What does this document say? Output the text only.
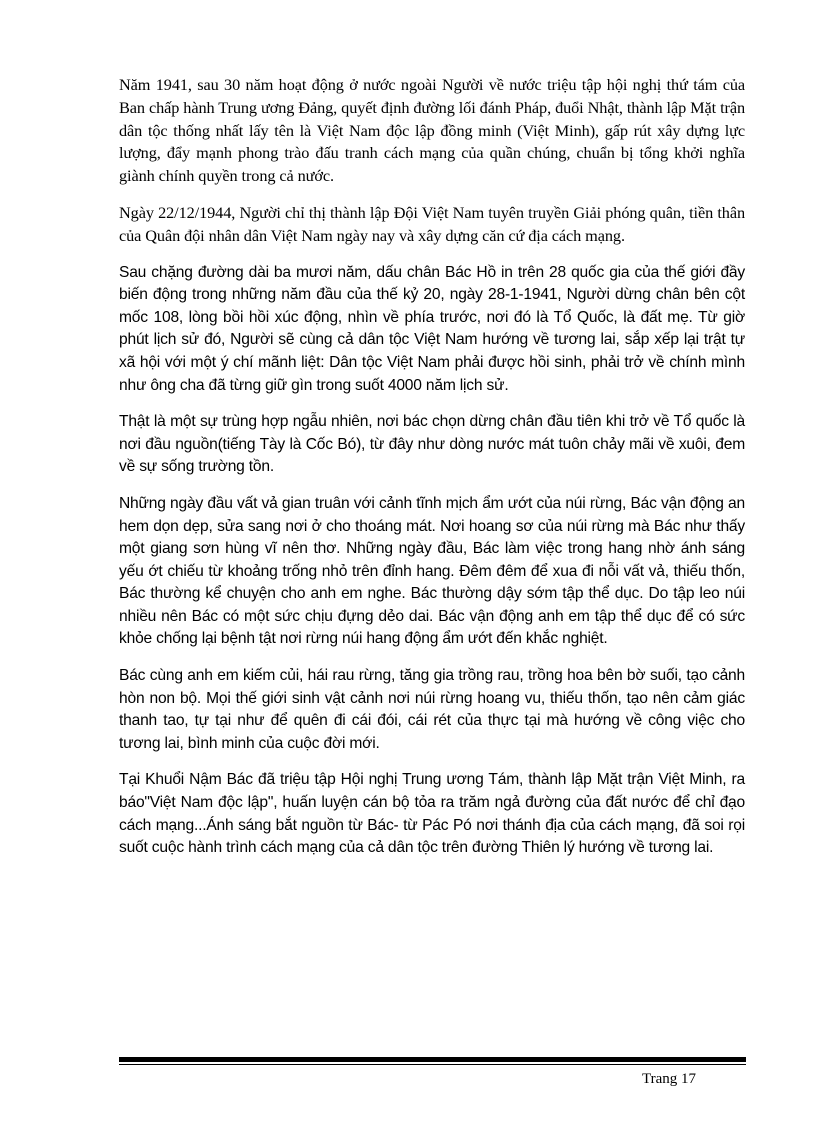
Năm 1941, sau 30 năm hoạt động ở nước ngoài Người về nước triệu tập hội nghị thứ tám của Ban chấp hành Trung ương Đảng, quyết định đường lối đánh Pháp, đuổi Nhật, thành lập Mặt trận dân tộc thống nhất lấy tên là Việt Nam độc lập đồng minh (Việt Minh), gấp rút xây dựng lực lượng, đẩy mạnh phong trào đấu tranh cách mạng của quần chúng, chuẩn bị tổng khởi nghĩa giành chính quyền trong cả nước.

Ngày 22/12/1944, Người chỉ thị thành lập Đội Việt Nam tuyên truyền Giải phóng quân, tiền thân của Quân đội nhân dân Việt Nam ngày nay và xây dựng căn cứ địa cách mạng.

Sau chặng đường dài ba mươi năm, dấu chân Bác Hồ in trên 28 quốc gia của thế giới đầy biến động trong những năm đầu của thế kỷ 20, ngày 28-1-1941, Người dừng chân bên cột mốc 108, lòng bồi hồi xúc động, nhìn về phía trước, nơi đó là Tổ Quốc, là đất mẹ. Từ giờ phút lịch sử đó, Người sẽ cùng cả dân tộc Việt Nam hướng về tương lai, sắp xếp lại trật tự xã hội với một ý chí mãnh liệt: Dân tộc Việt Nam phải được hồi sinh, phải trở về chính mình như ông cha đã từng giữ gìn trong suốt 4000 năm lịch sử.

Thật là một sự trùng hợp ngẫu nhiên, nơi bác chọn dừng chân đầu tiên khi trở về Tổ quốc là nơi đầu nguồn(tiếng Tày là Cốc Bó), từ đây như dòng nước mát tuôn chảy mãi về xuôi, đem về sự sống trường tồn.

Những ngày đầu vất vả gian truân với cảnh tĩnh mịch ẩm ướt của núi rừng, Bác vận động an hem dọn dẹp, sửa sang nơi ở cho thoáng mát. Nơi hoang sơ của núi rừng mà Bác như thấy một giang sơn hùng vĩ nên thơ. Những ngày đầu, Bác làm việc trong hang nhờ ánh sáng yếu ớt chiếu từ khoảng trống nhỏ trên đỉnh hang. Đêm đêm để xua đi nỗi vất vả, thiếu thốn, Bác thường kể chuyện cho anh em nghe. Bác thường dậy sớm tập thể dục. Do tập leo núi nhiều nên Bác có một sức chịu đựng dẻo dai. Bác vận động anh em tập thể dục để có sức khỏe chống lại bệnh tật nơi rừng núi hang động ẩm ướt đến khắc nghiệt.

Bác cùng anh em kiếm củi, hái rau rừng, tăng gia trồng rau, trồng hoa bên bờ suối, tạo cảnh hòn non bộ. Mọi thế giới sinh vật cảnh nơi núi rừng hoang vu, thiếu thốn, tạo nên cảm giác thanh tao, tự tại như để quên đi cái đói, cái rét của thực tại mà hướng về công việc cho tương lai, bình minh của cuộc đời mới.

Tại Khuổi Nậm Bác đã triệu tập Hội nghị Trung ương Tám, thành lập Mặt trận Việt Minh, ra báo"Việt Nam độc lập", huấn luyện cán bộ tỏa ra trăm ngả đường của đất nước để chỉ đạo cách mạng...Ánh sáng bắt nguồn từ Bác- từ Pác Pó nơi thánh địa của cách mạng, đã soi rọi suốt cuộc hành trình cách mạng của cả dân tộc trên đường Thiên lý hướng về tương lai.

Trang 17
